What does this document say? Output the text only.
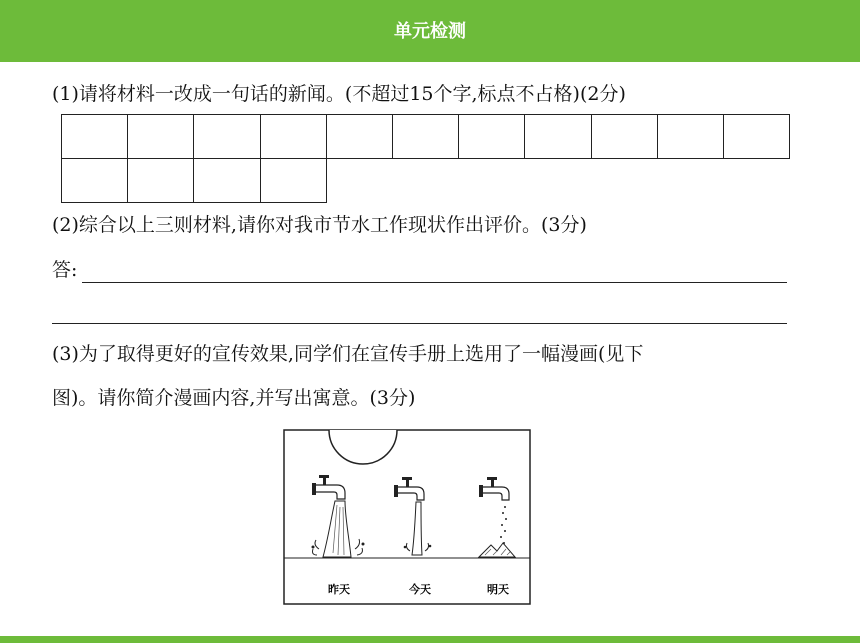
单元检测
(1)请将材料一改成一句话的新闻。(不超过15个字,标点不占格)(2分)
(2)综合以上三则材料,请你对我市节水工作现状作出评价。(3分)
答:
(3)为了取得更好的宣传效果,同学们在宣传手册上选用了一幅漫画(见下
图)。请你简介漫画内容,并写出寓意。(3分)
昨天	今天	明天
